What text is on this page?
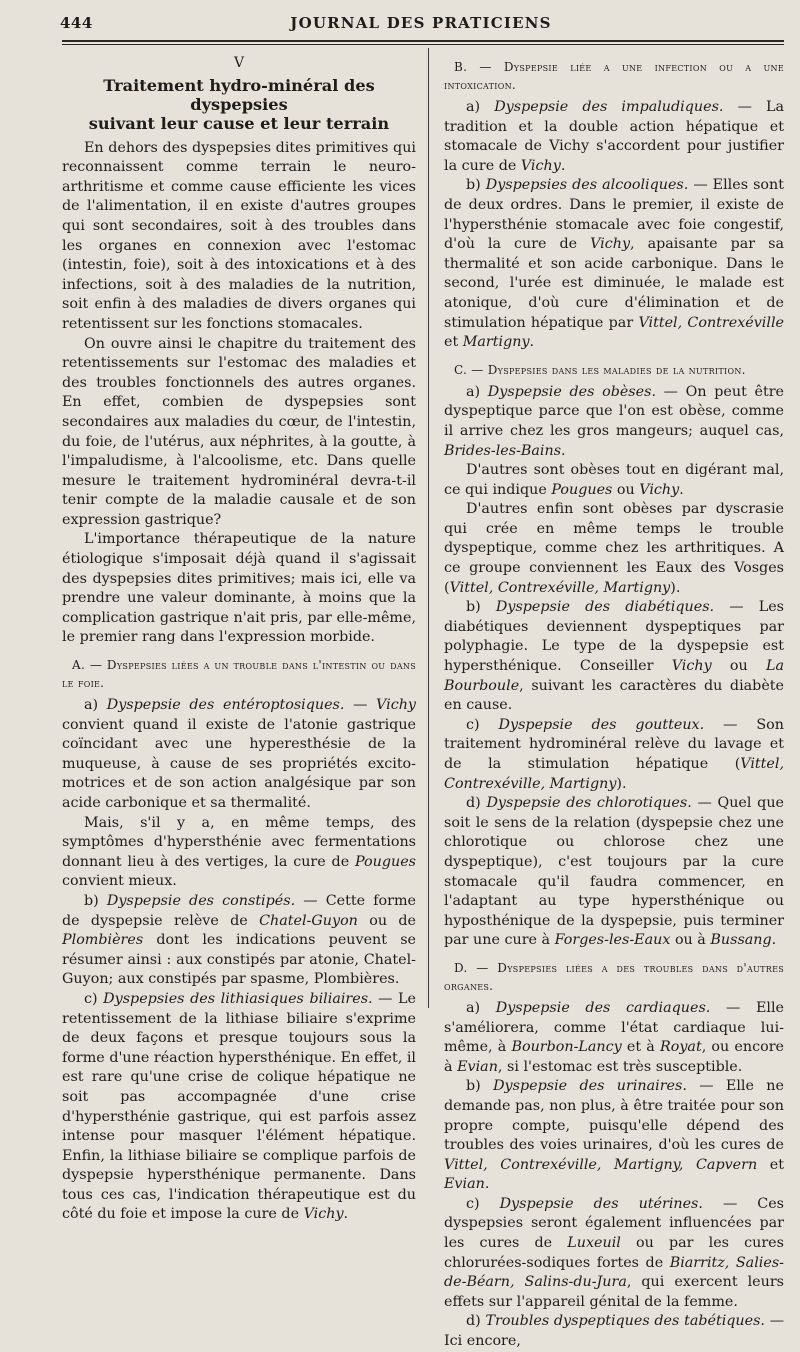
444	JOURNAL DES PRATICIENS
V
Traitement hydro-minéral des dyspepsies
suivant leur cause et leur terrain

En dehors des dyspepsies dites primitives qui reconnaissent comme terrain le neuro-arthritisme et comme cause efficiente les vices de l'alimentation, il en existe d'autres groupes qui sont secondaires, soit à des troubles dans les organes en connexion avec l'estomac (intestin, foie), soit à des intoxications et à des infections, soit à des maladies de la nutrition, soit enfin à des maladies de divers organes qui retentissent sur les fonctions stomacales.

On ouvre ainsi le chapitre du traitement des retentissements sur l'estomac des maladies et des troubles fonctionnels des autres organes. En effet, combien de dyspepsies sont secondaires aux maladies du cœur, de l'intestin, du foie, de l'utérus, aux néphrites, à la goutte, à l'impaludisme, à l'alcoolisme, etc. Dans quelle mesure le traitement hydrominéral devra-t-il tenir compte de la maladie causale et de son expression gastrique?

L'importance thérapeutique de la nature étiologique s'imposait déjà quand il s'agissait des dyspepsies dites primitives; mais ici, elle va prendre une valeur dominante, à moins que la complication gastrique n'ait pris, par elle-même, le premier rang dans l'expression morbide.

A. — Dyspepsies liées a un trouble dans l'intestin ou dans le foie.

a) Dyspepsie des entéroptosiques. — Vichy convient quand il existe de l'atonie gastrique coïncidant avec une hyperesthésie de la muqueuse, à cause de ses propriétés excito-motrices et de son action analgésique par son acide carbonique et sa thermalité.

Mais, s'il y a, en même temps, des symptômes d'hypersthénie avec fermentations donnant lieu à des vertiges, la cure de Pougues convient mieux.

b) Dyspepsie des constipés. — Cette forme de dyspepsie relève de Chatel-Guyon ou de Plombières dont les indications peuvent se résumer ainsi : aux constipés par atonie, Chatel-Guyon; aux constipés par spasme, Plombières.

c) Dyspepsies des lithiasiques biliaires. — Le retentissement de la lithiase biliaire s'exprime de deux façons et presque toujours sous la forme d'une réaction hypersthénique. En effet, il est rare qu'une crise de colique hépatique ne soit pas accompagnée d'une crise d'hypersthénie gastrique, qui est parfois assez intense pour masquer l'élément hépatique. Enfin, la lithiase biliaire se complique parfois de dyspepsie hypersthénique permanente. Dans tous ces cas, l'indication thérapeutique est du côté du foie et impose la cure de Vichy.

B. — Dyspepsie liée a une infection ou a une intoxication.

a) Dyspepsie des impaludiques. — La tradition et la double action hépatique et stomacale de Vichy s'accordent pour justifier la cure de Vichy.

b) Dyspepsies des alcooliques. — Elles sont de deux ordres. Dans le premier, il existe de l'hypersthénie stomacale avec foie congestif, d'où la cure de Vichy, apaisante par sa thermalité et son acide carbonique. Dans le second, l'urée est diminuée, le malade est atonique, d'où cure d'élimination et de stimulation hépatique par Vittel, Contrexéville et Martigny.

C. — Dyspepsies dans les maladies de la nutrition.

a) Dyspepsie des obèses. — On peut être dyspeptique parce que l'on est obèse, comme il arrive chez les gros mangeurs; auquel cas, Brides-les-Bains.

D'autres sont obèses tout en digérant mal, ce qui indique Pougues ou Vichy.

D'autres enfin sont obèses par dyscrasie qui crée en même temps le trouble dyspeptique, comme chez les arthritiques. A ce groupe conviennent les Eaux des Vosges (Vittel, Contrexéville, Martigny).

b) Dyspepsie des diabétiques. — Les diabétiques deviennent dyspeptiques par polyphagie. Le type de la dyspepsie est hypersthénique. Conseiller Vichy ou La Bourboule, suivant les caractères du diabète en cause.

c) Dyspepsie des goutteux. — Son traitement hydrominéral relève du lavage et de la stimulation hépatique (Vittel, Contrexéville, Martigny).

d) Dyspepsie des chlorotiques. — Quel que soit le sens de la relation (dyspepsie chez une chlorotique ou chlorose chez une dyspeptique), c'est toujours par la cure stomacale qu'il faudra commencer, en l'adaptant au type hypersthénique ou hyposthénique de la dyspepsie, puis terminer par une cure à Forges-les-Eaux ou à Bussang.

D. — Dyspepsies liées a des troubles dans d'autres organes.

a) Dyspepsie des cardiaques. — Elle s'améliorera, comme l'état cardiaque lui-même, à Bourbon-Lancy et à Royat, ou encore à Evian, si l'estomac est très susceptible.

b) Dyspepsie des urinaires. — Elle ne demande pas, non plus, à être traitée pour son propre compte, puisqu'elle dépend des troubles des voies urinaires, d'où les cures de Vittel, Contrexéville, Martigny, Capvern et Evian.

c) Dyspepsie des utérines. — Ces dyspepsies seront également influencées par les cures de Luxeuil ou par les cures chlorurées-sodiques fortes de Biarritz, Salies-de-Béarn, Salins-du-Jura, qui exercent leurs effets sur l'appareil génital de la femme.

d) Troubles dyspeptiques des tabétiques. — Ici encore,
